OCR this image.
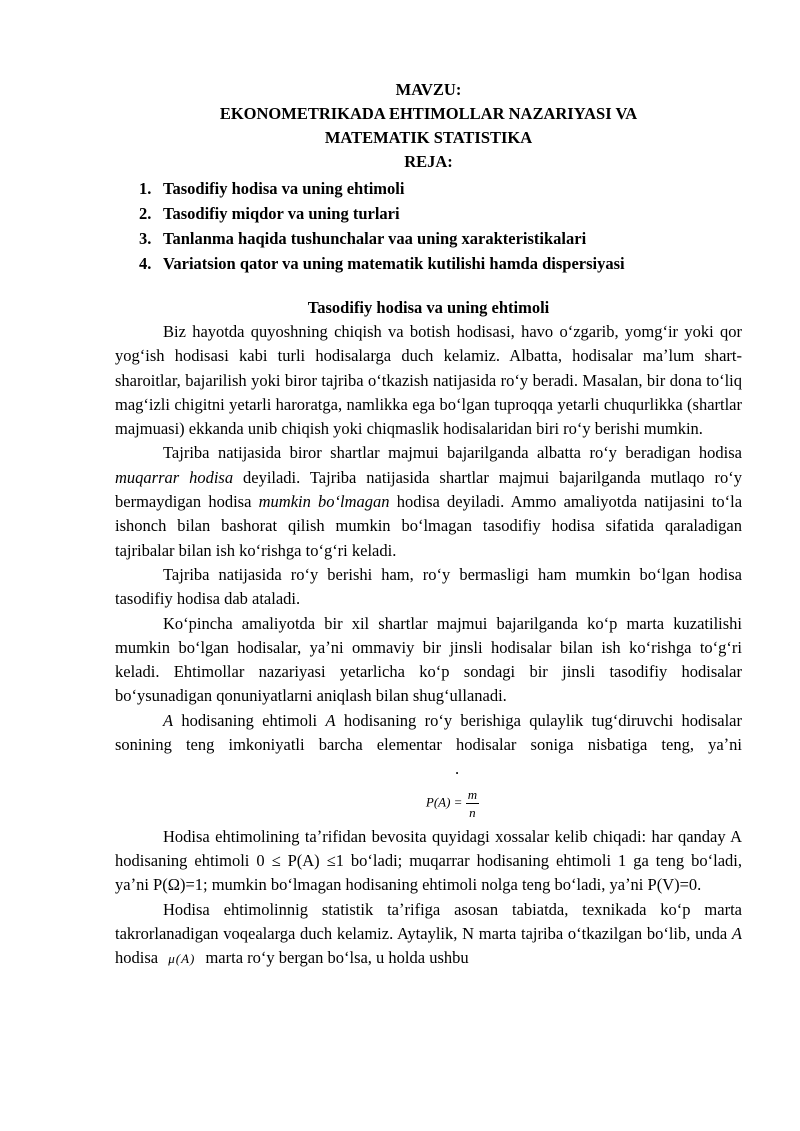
MAVZU:
EKONOMETRIKADA EHTIMOLLAR NAZARIYASI VA
MATEMATIK STATISTIKA
REJA:
1. Tasodifiy hodisa va uning ehtimoli
2. Tasodifiy miqdor va uning turlari
3. Tanlanma haqida tushunchalar vaa uning xarakteristikalari
4. Variatsion qator va uning matematik kutilishi hamda dispersiyasi
Tasodifiy hodisa va uning ehtimoli

Biz hayotda quyoshning chiqish va botish hodisasi, havo oʻzgarib, yomgʻir yoki qor yogʻish hodisasi kabi turli hodisalarga duch kelamiz. Albatta, hodisalar maʼlum shart-sharoitlar, bajarilish yoki biror tajriba oʻtkazish natijasida roʻy beradi. Masalan, bir dona toʻliq magʻizli chigitni yetarli haroratga, namlikka ega boʻlgan tuproqqa yetarli chuqurlikka (shartlar majmuasi) ekkanda unib chiqish yoki chiqmaslik hodisalaridan biri roʻy berishi mumkin.

Tajriba natijasida biror shartlar majmui bajarilganda albatta roʻy beradigan hodisa muqarrar hodisa deyiladi. Tajriba natijasida shartlar majmui bajarilganda mutlaqo roʻy bermaydigan hodisa mumkin boʻlmagan hodisa deyiladi. Ammo amaliyotda natijasini toʻla ishonch bilan bashorat qilish mumkin boʻlmagan tasodifiy hodisa sifatida qaraladigan tajribalar bilan ish koʻrishga toʻgʻri keladi.

Tajriba natijasida roʻy berishi ham, roʻy bermasligi ham mumkin boʻlgan hodisa tasodifiy hodisa dab ataladi.

Koʻpincha amaliyotda bir xil shartlar majmui bajarilganda koʻp marta kuzatilishi mumkin boʻlgan hodisalar, yaʼni ommaviy bir jinsli hodisalar bilan ish koʻrishga toʻgʻri keladi. Ehtimollar nazariyasi yetarlicha koʻp sondagi bir jinsli tasodifiy hodisalar boʻysunadigan qonuniyatlarni aniqlash bilan shugʻullanadi.

A hodisaning ehtimoli A hodisaning roʻy berishiga qulaylik tugʻdiruvchi hodisalar sonining teng imkoniyatli barcha elementar hodisalar soniga nisbatiga teng, yaʼni.

$P(A) = \frac{m}{n}$

Hodisa ehtimolining taʼrifidan bevosita quyidagi xossalar kelib chiqadi: har qanday A hodisaning ehtimoli 0 ≤ P(A) ≤1 boʻladi; muqarrar hodisaning ehtimoli 1 ga teng boʻladi, yaʼni P(Ω)=1; mumkin boʻlmagan hodisaning ehtimoli nolga teng boʻladi, yaʼni P(V)=0.

Hodisa ehtimolinnig statistik taʼrifiga asosan tabiatda, texnikada koʻp marta takrorlanadigan voqealarga duch kelamiz. Aytaylik, N marta tajriba oʻtkazilgan boʻlib, unda A hodisa μ(A) marta roʻy bergan boʻlsa, u holda ushbu
